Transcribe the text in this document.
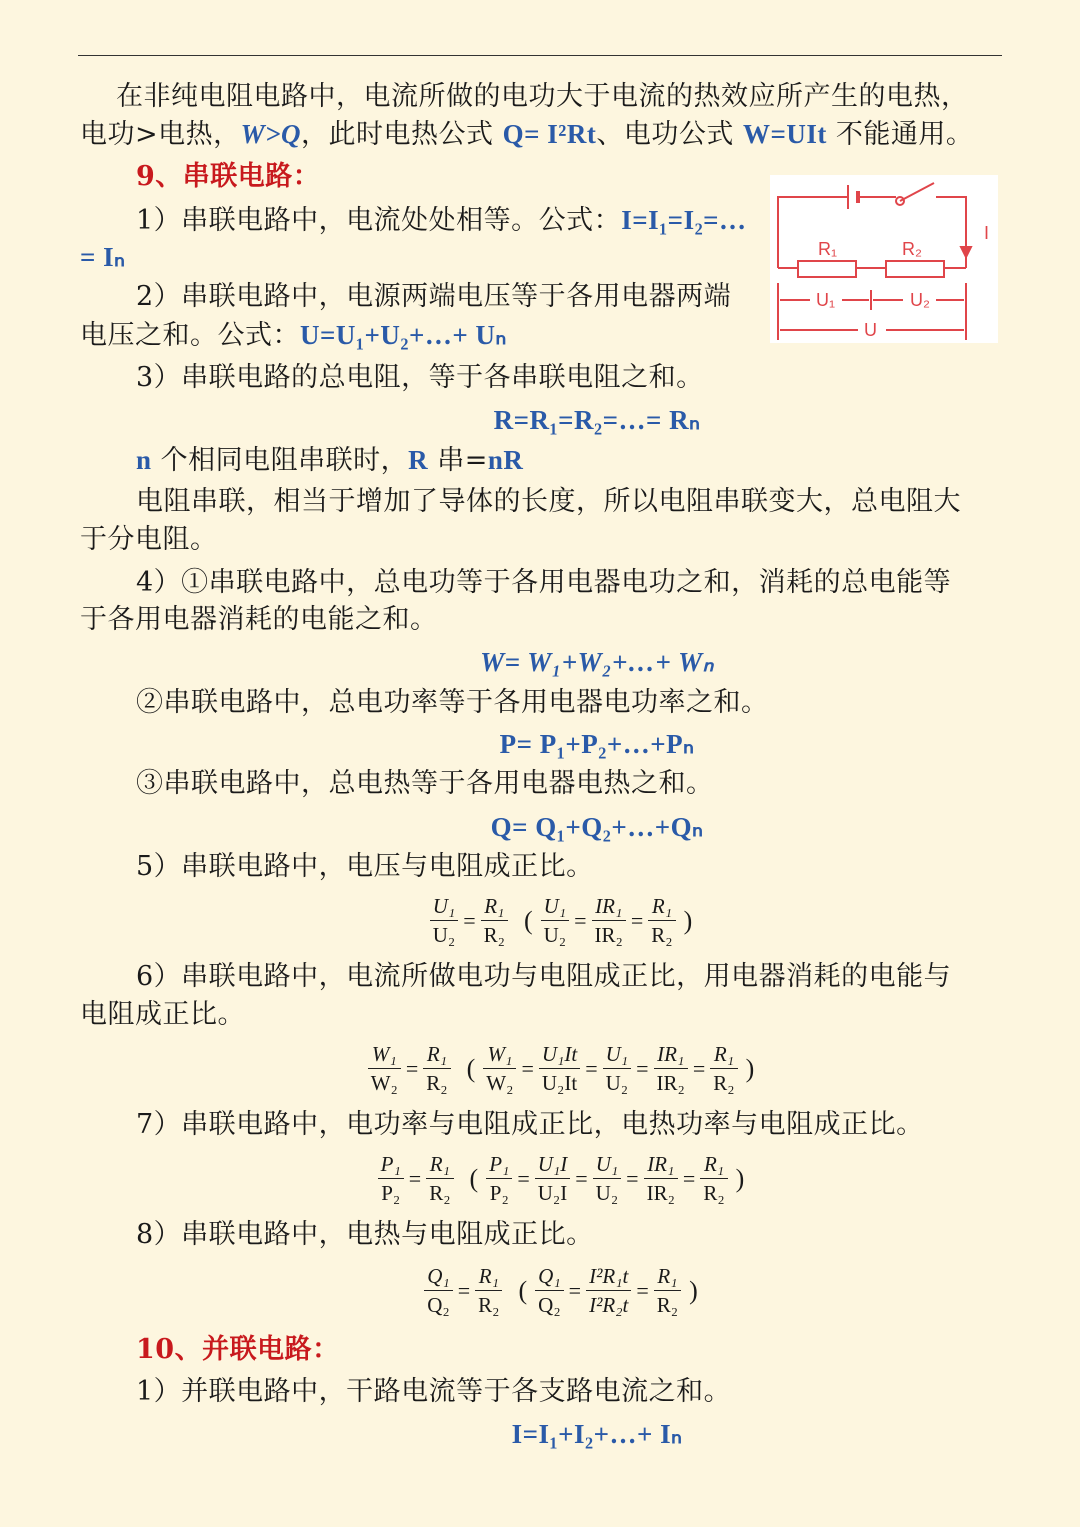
在非纯电阻电路中，电流所做的电功大于电流的热效应所产生的电热，
电功>电热，W>Q，此时电热公式 Q= I²Rt、电功公式 W=UIt 不能通用。
9、串联电路：
1）串联电路中，电流处处相等。公式：I=I₁=I₂=…
= Iₙ
2）串联电路中，电源两端电压等于各用电器两端
电压之和。公式：U=U₁+U₂+…+ Uₙ
R₁	R₂
U₁	U₂
U
I
3）串联电路的总电阻，等于各串联电阻之和。
R=R₁=R₂=…= Rₙ
n 个相同电阻串联时，R 串=nR
电阻串联，相当于增加了导体的长度，所以电阻串联变大，总电阻大
于分电阻。
4）①串联电路中，总电功等于各用电器电功之和，消耗的总电能等
于各用电器消耗的电能之和。
W= W₁+W₂+…+ Wₙ
②串联电路中，总电功率等于各用电器电功率之和。
P= P₁+P₂+…+Pₙ
③串联电路中，总电热等于各用电器电热之和。
Q= Q₁+Q₂+…+Qₙ
5）串联电路中，电压与电阻成正比。
$\frac{\text{U₁}}{\text{U₂}} = \frac{\text{R₁}}{\text{R₂}}$ ( $\frac{\text{U₁}}{\text{U₂}} = \frac{\text{IR₁}}{\text{IR₂}} = \frac{\text{R₁}}{\text{R₂}}$ )
6）串联电路中，电流所做电功与电阻成正比，用电器消耗的电能与
电阻成正比。
$\frac{\text{W₁}}{\text{W₂}} = \frac{\text{R₁}}{\text{R₂}}$ ( $\frac{\text{W₁}}{\text{W₂}} = \frac{\text{U₁It}}{\text{U₂It}} = \frac{\text{U₁}}{\text{U₂}} = \frac{\text{IR₁}}{\text{IR₂}} = \frac{\text{R₁}}{\text{R₂}}$ )
7）串联电路中，电功率与电阻成正比，电热功率与电阻成正比。
$\frac{\text{P₁}}{\text{P₂}} = \frac{\text{R₁}}{\text{R₂}}$ ( $\frac{\text{P₁}}{\text{P₂}} = \frac{\text{U₁I}}{\text{U₂I}} = \frac{\text{U₁}}{\text{U₂}} = \frac{\text{IR₁}}{\text{IR₂}} = \frac{\text{R₁}}{\text{R₂}}$ )
8）串联电路中，电热与电阻成正比。
$\frac{\text{Q₁}}{\text{Q₂}} = \frac{\text{R₁}}{\text{R₂}}$ ( $\frac{\text{Q₁}}{\text{Q₂}} = \frac{\text{I²R₁t}}{\text{I²R₂t}} = \frac{\text{R₁}}{\text{R₂}}$ )
10、并联电路：
1）并联电路中，干路电流等于各支路电流之和。
I=I₁+I₂+…+ Iₙ
